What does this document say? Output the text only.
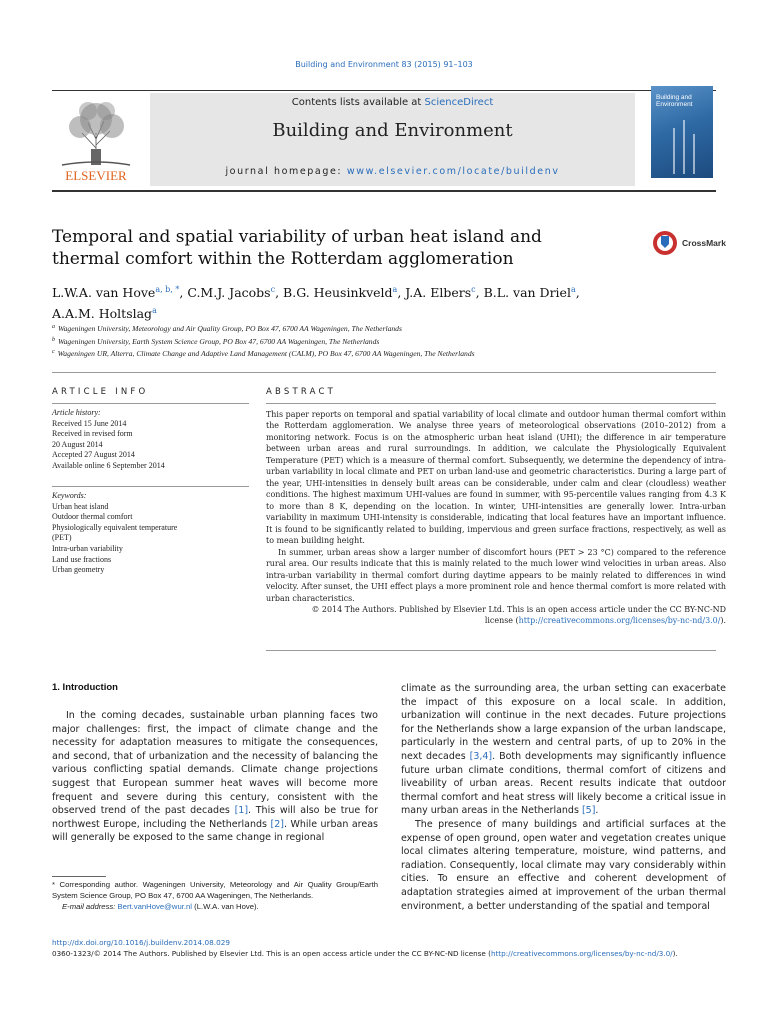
Building and Environment 83 (2015) 91–103
ELSEVIER
Contents lists available at ScienceDirect
Building and Environment
journal homepage: www.elsevier.com/locate/buildenv
Building and Environment
Temporal and spatial variability of urban heat island and thermal comfort within the Rotterdam agglomeration
CrossMark
L.W.A. van Hove$^{a, b, *}$, C.M.J. Jacobs$^c$, B.G. Heusinkveld$^a$, J.A. Elbers$^c$, B.L. van Driel$^a$,
A.A.M. Holtslag$^a$
$^a$ Wageningen University, Meteorology and Air Quality Group, PO Box 47, 6700 AA Wageningen, The Netherlands
$^b$ Wageningen University, Earth System Science Group, PO Box 47, 6700 AA Wageningen, The Netherlands
$^c$ Wageningen UR, Alterra, Climate Change and Adaptive Land Management (CALM), PO Box 47, 6700 AA Wageningen, The Netherlands
ARTICLE INFO	ABSTRACT
Article history:
Received 15 June 2014
Received in revised form
20 August 2014
Accepted 27 August 2014
Available online 6 September 2014
Keywords:
Urban heat island
Outdoor thermal comfort
Physiologically equivalent temperature
(PET)
Intra-urban variability
Land use fractions
Urban geometry

This paper reports on temporal and spatial variability of local climate and outdoor human thermal comfort within the Rotterdam agglomeration. We analyse three years of meteorological observations (2010–2012) from a monitoring network. Focus is on the atmospheric urban heat island (UHI); the difference in air temperature between urban areas and rural surroundings. In addition, we calculate the Physiologically Equivalent Temperature (PET) which is a measure of thermal comfort. Subsequently, we determine the dependency of intra-urban variability in local climate and PET on urban land-use and geometric characteristics. During a large part of the year, UHI-intensities in densely built areas can be considerable, under calm and clear (cloudless) weather conditions. The highest maximum UHI-values are found in summer, with 95-percentile values ranging from 4.3 K to more than 8 K, depending on the location. In winter, UHI-intensities are generally lower. Intra-urban variability in maximum UHI-intensity is considerable, indicating that local features have an important influence. It is found to be significantly related to building, impervious and green surface fractions, respectively, as well as to mean building height.

In summer, urban areas show a larger number of discomfort hours (PET > 23 °C) compared to the reference rural area. Our results indicate that this is mainly related to the much lower wind velocities in urban areas. Also intra-urban variability in thermal comfort during daytime appears to be mainly related to differences in wind velocity. After sunset, the UHI effect plays a more prominent role and hence thermal comfort is more related with urban characteristics.

© 2014 The Authors. Published by Elsevier Ltd. This is an open access article under the CC BY-NC-ND

license (http://creativecommons.org/licenses/by-nc-nd/3.0/).

1. Introduction

In the coming decades, sustainable urban planning faces two major challenges: first, the impact of climate change and the necessity for adaptation measures to mitigate the consequences, and second, that of urbanization and the necessity of balancing the various conflicting spatial demands. Climate change projections suggest that European summer heat waves will become more frequent and severe during this century, consistent with the observed trend of the past decades [1]. This will also be true for northwest Europe, including the Netherlands [2]. While urban areas will generally be exposed to the same change in regional

climate as the surrounding area, the urban setting can exacerbate the impact of this exposure on a local scale. In addition, urbanization will continue in the next decades. Future projections for the Netherlands show a large expansion of the urban landscape, particularly in the western and central parts, of up to 20% in the next decades [3,4]. Both developments may significantly influence future urban climate conditions, thermal comfort of citizens and liveability of urban areas. Recent results indicate that outdoor thermal comfort and heat stress will likely become a critical issue in many urban areas in the Netherlands [5].

The presence of many buildings and artificial surfaces at the expense of open ground, open water and vegetation creates unique local climates altering temperature, moisture, wind patterns, and radiation. Consequently, local climate may vary considerably within cities. To ensure an effective and coherent development of adaptation strategies aimed at improvement of the urban thermal environment, a better understanding of the spatial and temporal

* Corresponding author. Wageningen University, Meteorology and Air Quality Group/Earth System Science Group, PO Box 47, 6700 AA Wageningen, The Netherlands.
E-mail address: Bert.vanHove@wur.nl (L.W.A. van Hove).
http://dx.doi.org/10.1016/j.buildenv.2014.08.029
0360-1323/© 2014 The Authors. Published by Elsevier Ltd. This is an open access article under the CC BY-NC-ND license (http://creativecommons.org/licenses/by-nc-nd/3.0/).
